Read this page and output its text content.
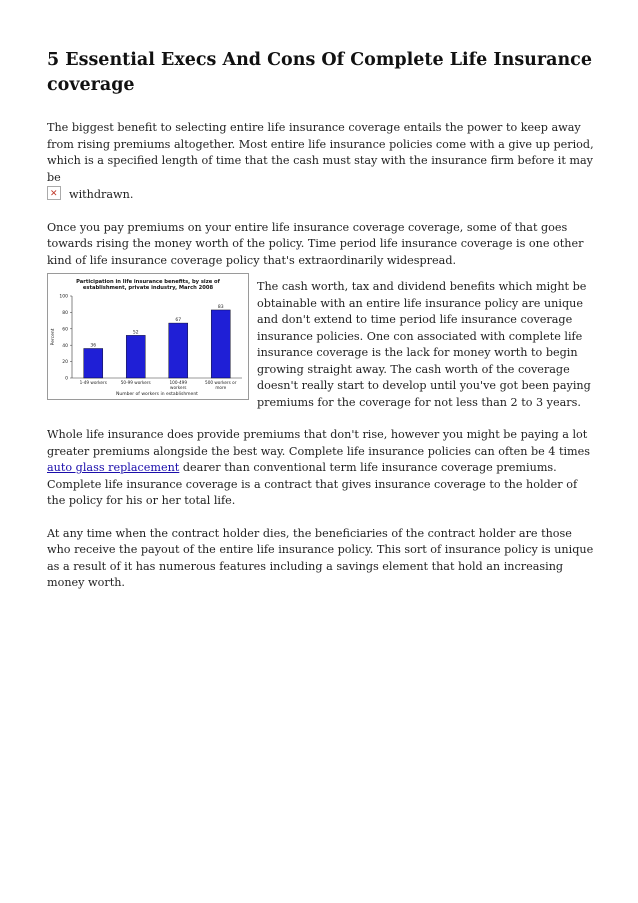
5 Essential Execs And Cons Of Complete Life Insurance coverage

The biggest benefit to selecting entire life insurance coverage entails the power to keep away from rising premiums altogether. Most entire life insurance policies come with a give up period, which is a specified length of time that the cash must stay with the insurance firm before it may be
✕withdrawn.

Once you pay premiums on your entire life insurance coverage coverage, some of that goes towards rising the money worth of the policy. Time period life insurance coverage is one other kind of life insurance coverage policy that's extraordinarily widespread.

Participation in life insurance benefits, by size of
establishment, private industry, March 2008
0
20
40
60
80
100
Percent
36
1-49 workers
52
50-99 workers
67
100-499
workers
83
500 workers or
more
Number of workers in establishment

The cash worth, tax and dividend benefits which might be obtainable with an entire life insurance policy are unique and don't extend to time period life insurance coverage insurance policies. One con associated with complete life insurance coverage is the lack for money worth to begin growing straight away. The cash worth of the coverage doesn't really start to develop until you've got been paying premiums for the coverage for not less than 2 to 3 years.

Whole life insurance does provide premiums that don't rise, however you might be paying a lot greater premiums alongside the best way. Complete life insurance policies can often be 4 times auto glass replacement dearer than conventional term life insurance coverage premiums. Complete life insurance coverage is a contract that gives insurance coverage to the holder of the policy for his or her total life.

At any time when the contract holder dies, the beneficiaries of the contract holder are those who receive the payout of the entire life insurance policy. This sort of insurance policy is unique as a result of it has numerous features including a savings element that hold an increasing money worth.
